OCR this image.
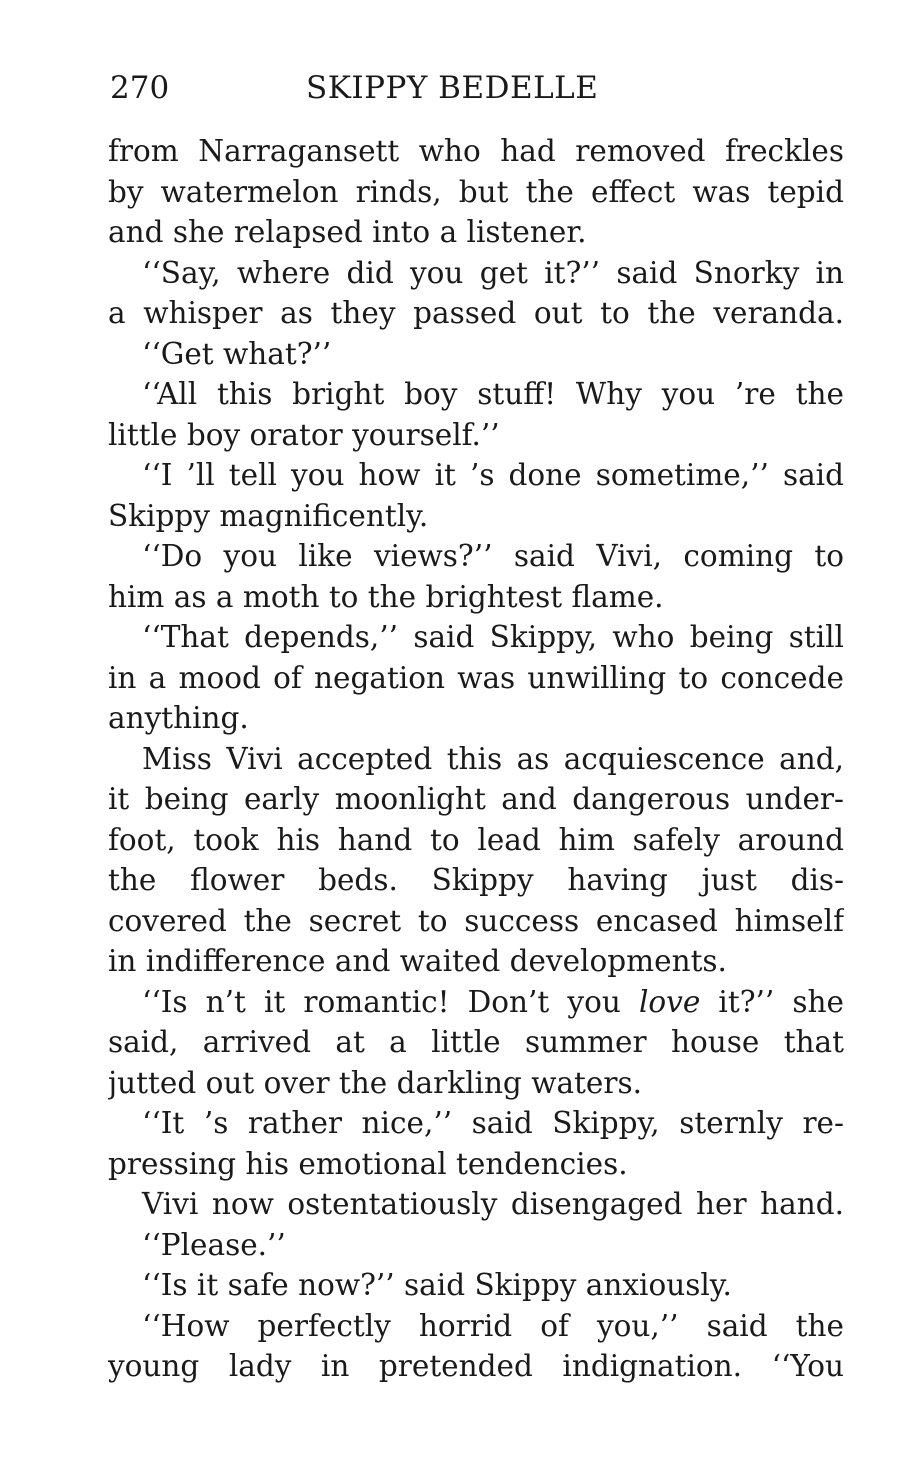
270	SKIPPY BEDELLE
from Narragansett who had removed freckles
by watermelon rinds, but the effect was tepid
and she relapsed into a listener.
‘‘Say, where did you get it?’’ said Snorky in
a whisper as they passed out to the veranda.
‘‘Get what?’’
‘‘All this bright boy stuff! Why you ’re the
little boy orator yourself.’’
‘‘I ’ll tell you how it ’s done sometime,’’ said
Skippy magnificently.
‘‘Do you like views?’’ said Vivi, coming to
him as a moth to the brightest flame.
‘‘That depends,’’ said Skippy, who being still
in a mood of negation was unwilling to concede
anything.
Miss Vivi accepted this as acquiescence and,
it being early moonlight and dangerous under-
foot, took his hand to lead him safely around
the flower beds. Skippy having just dis-
covered the secret to success encased himself
in indifference and waited developments.
‘‘Is n’t it romantic! Don’t you love it?’’ she
said, arrived at a little summer house that
jutted out over the darkling waters.
‘‘It ’s rather nice,’’ said Skippy, sternly re-
pressing his emotional tendencies.
Vivi now ostentatiously disengaged her hand.
‘‘Please.’’
‘‘Is it safe now?’’ said Skippy anxiously.
‘‘How perfectly horrid of you,’’ said the
young lady in pretended indignation. ‘‘You
